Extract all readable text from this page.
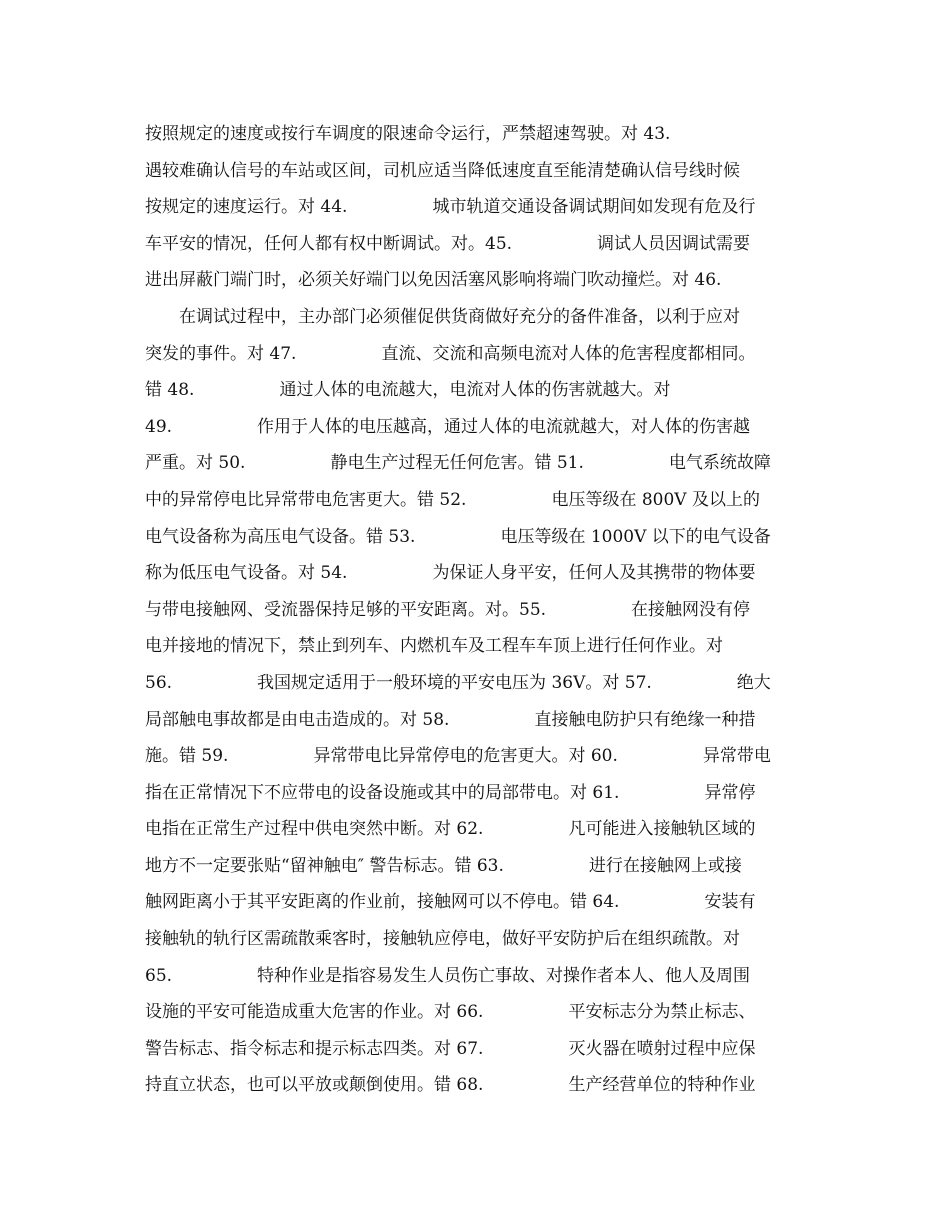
按照规定的速度或按行车调度的限速命令运行，严禁超速驾驶。对 43.
遇较难确认信号的车站或区间，司机应适当降低速度直至能清楚确认信号线时候
按规定的速度运行。对 44.　　　　　城市轨道交通设备调试期间如发现有危及行
车平安的情况，任何人都有权中断调试。对。45.　　　　　调试人员因调试需要
进出屏蔽门端门时，必须关好端门以免因活塞风影响将端门吹动撞烂。对 46.
　　在调试过程中，主办部门必须催促供货商做好充分的备件准备，以利于应对
突发的事件。对 47.　　　　　直流、交流和高频电流对人体的危害程度都相同。
错 48.　　　　　通过人体的电流越大，电流对人体的伤害就越大。对
49.　　　　　作用于人体的电压越高，通过人体的电流就越大，对人体的伤害越
严重。对 50.　　　　　静电生产过程无任何危害。错 51.　　　　　电气系统故障
中的异常停电比异常带电危害更大。错 52.　　　　　电压等级在 800V 及以上的
电气设备称为高压电气设备。错 53.　　　　　电压等级在 1000V 以下的电气设备
称为低压电气设备。对 54.　　　　　为保证人身平安，任何人及其携带的物体要
与带电接触网、受流器保持足够的平安距离。对。55.　　　　　在接触网没有停
电并接地的情况下，禁止到列车、内燃机车及工程车车顶上进行任何作业。对
56.　　　　　我国规定适用于一般环境的平安电压为 36V。对 57.　　　　　绝大
局部触电事故都是由电击造成的。对 58.　　　　　直接触电防护只有绝缘一种措
施。错 59.　　　　　异常带电比异常停电的危害更大。对 60.　　　　　异常带电
指在正常情况下不应带电的设备设施或其中的局部带电。对 61.　　　　　异常停
电指在正常生产过程中供电突然中断。对 62.　　　　　凡可能进入接触轨区域的
地方不一定要张贴“留神触电″ 警告标志。错 63.　　　　　进行在接触网上或接
触网距离小于其平安距离的作业前，接触网可以不停电。错 64.　　　　　安装有
接触轨的轨行区需疏散乘客时，接触轨应停电，做好平安防护后在组织疏散。对
65.　　　　　特种作业是指容易发生人员伤亡事故、对操作者本人、他人及周围
设施的平安可能造成重大危害的作业。对 66.　　　　　平安标志分为禁止标志、
警告标志、指令标志和提示标志四类。对 67.　　　　　灭火器在喷射过程中应保
持直立状态，也可以平放或颠倒使用。错 68.　　　　　生产经营单位的特种作业
